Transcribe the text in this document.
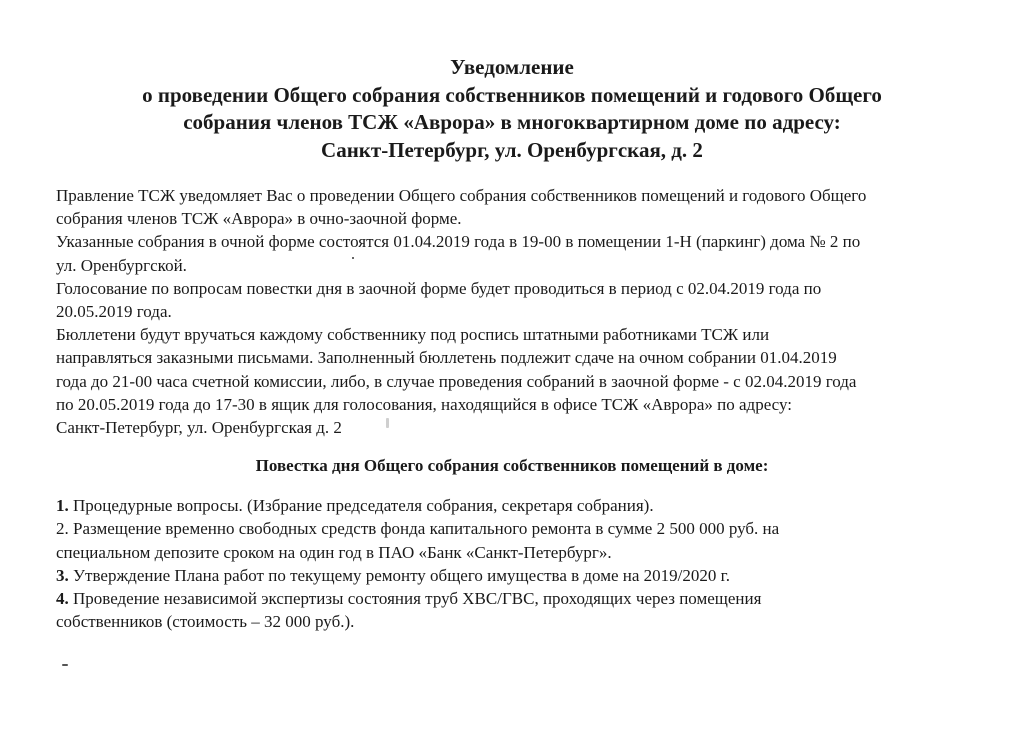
Уведомление
о проведении Общего собрания собственников помещений и годового Общего
собрания членов ТСЖ «Аврора» в многоквартирном доме по адресу:
Санкт-Петербург, ул. Оренбургская, д. 2
Правление ТСЖ уведомляет Вас о проведении Общего собрания собственников помещений и годового Общего
собрания членов ТСЖ «Аврора» в очно-заочной форме.
Указанные собрания в очной форме состоятся 01.04.2019 года в 19-00 в помещении 1-Н (паркинг) дома № 2 по
ул. Оренбургской.
Голосование по вопросам повестки дня в заочной форме будет проводиться в период с 02.04.2019 года по
20.05.2019 года.
Бюллетени будут вручаться каждому собственнику под роспись штатными работниками ТСЖ или
направляться заказными письмами. Заполненный бюллетень подлежит сдаче на очном собрании 01.04.2019
года до 21-00 часа счетной комиссии, либо, в случае проведения собраний в заочной форме - с 02.04.2019 года
по 20.05.2019 года до 17-30 в ящик для голосования, находящийся в офисе ТСЖ «Аврора» по адресу:
Санкт-Петербург, ул. Оренбургская д. 2
Повестка дня Общего собрания собственников помещений в доме:
1. Процедурные вопросы. (Избрание председателя собрания, секретаря собрания).
2. Размещение временно свободных средств фонда капитального ремонта в сумме 2 500 000 руб. на
специальном депозите сроком на один год в ПАО «Банк «Санкт-Петербург».
3. Утверждение Плана работ по текущему ремонту общего имущества в доме на 2019/2020 г.
4. Проведение независимой экспертизы состояния труб ХВС/ГВС, проходящих через помещения
собственников (стоимость – 32 000 руб.).
